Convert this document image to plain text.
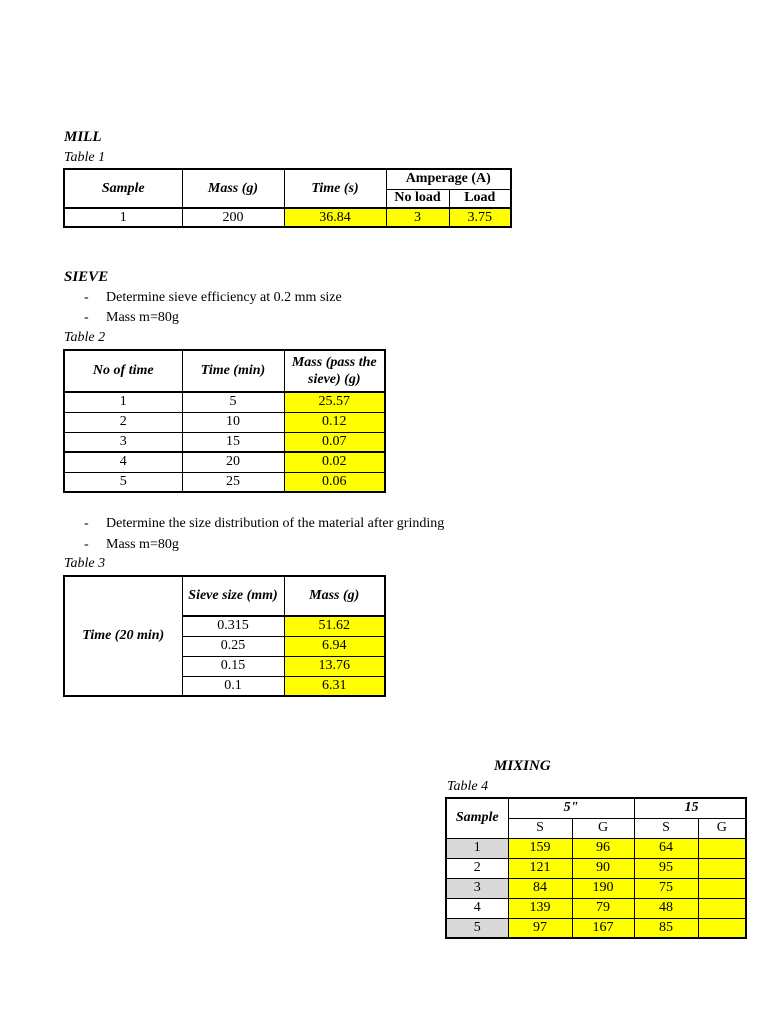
MILL
Table 1
Sample	Mass (g)	Time (s)	Amperage (A)	
			No load	Load
1	200	36.84	3	3.75
SIEVE
- Determine sieve efficiency at 0.2 mm size
- Mass m=80g
Table 2
No of time	Time (min)	Mass (pass the
sieve) (g)
1	5	25.57
2	10	0.12
3	15	0.07
4	20	0.02
5	25	0.06
- Determine the size distribution of the material after grinding
- Mass m=80g
Table 3
Time (20 min)	Sieve size (mm)	Mass (g)
	0.315	51.62
	0.25	6.94
	0.15	13.76
	0.1	6.31
MIXING
Table 4
Sample	5"		15	
	S	G	S	G
1	159	96	64	
2	121	90	95	
3	84	190	75	
4	139	79	48	
5	97	167	85	
